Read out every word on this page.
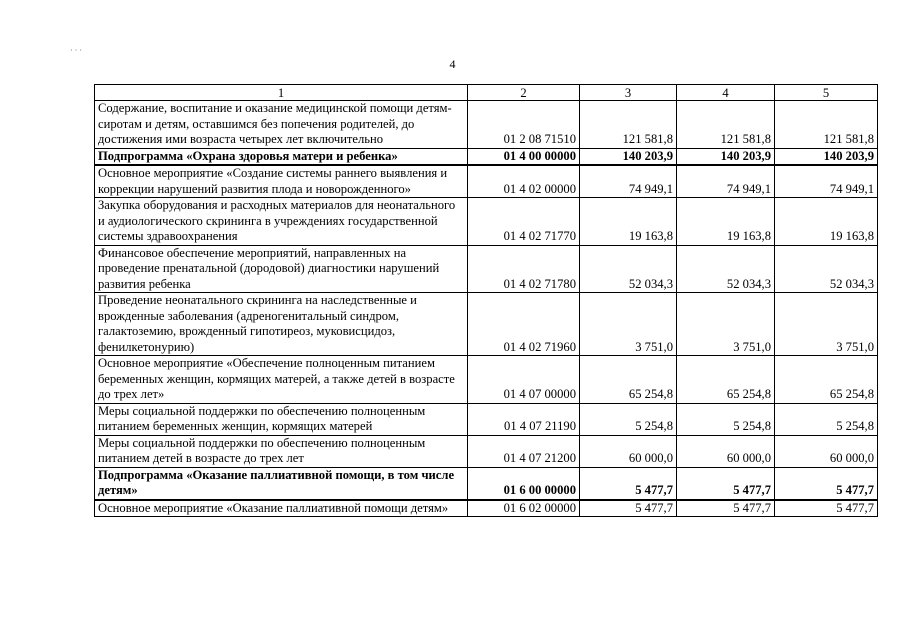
· · ·
4
1	2	3	4	5
Содержание, воспитание и оказание медицинской помощи детям-сиротам и детям, оставшимся без попечения родителей, до достижения ими возраста четырех лет включительно	01 2 08 71510	121 581,8	121 581,8	121 581,8
Подпрограмма «Охрана здоровья матери и ребенка»	01 4 00 00000	140 203,9	140 203,9	140 203,9
Основное мероприятие «Создание системы раннего выявления и коррекции нарушений развития плода и новорожденного»	01 4 02 00000	74 949,1	74 949,1	74 949,1
Закупка оборудования и расходных материалов для неонатального и аудиологического скрининга в учреждениях государственной системы здравоохранения	01 4 02 71770	19 163,8	19 163,8	19 163,8
Финансовое обеспечение мероприятий, направленных на проведение пренатальной (дородовой) диагностики нарушений развития ребенка	01 4 02 71780	52 034,3	52 034,3	52 034,3
Проведение неонатального скрининга на наследственные и врожденные заболевания (адреногенитальный синдром, галактоземию, врожденный гипотиреоз, муковисцидоз, фенилкетонурию)	01 4 02 71960	3 751,0	3 751,0	3 751,0
Основное мероприятие «Обеспечение полноценным питанием беременных женщин, кормящих матерей, а также детей в возрасте до трех лет»	01 4 07 00000	65 254,8	65 254,8	65 254,8
Меры социальной поддержки по обеспечению полноценным питанием беременных женщин, кормящих матерей	01 4 07 21190	5 254,8	5 254,8	5 254,8
Меры социальной поддержки по обеспечению полноценным питанием детей в возрасте до трех лет	01 4 07 21200	60 000,0	60 000,0	60 000,0
Подпрограмма «Оказание паллиативной помощи, в том числе детям»	01 6 00 00000	5 477,7	5 477,7	5 477,7
Основное мероприятие «Оказание паллиативной помощи детям»	01 6 02 00000	5 477,7	5 477,7	5 477,7
